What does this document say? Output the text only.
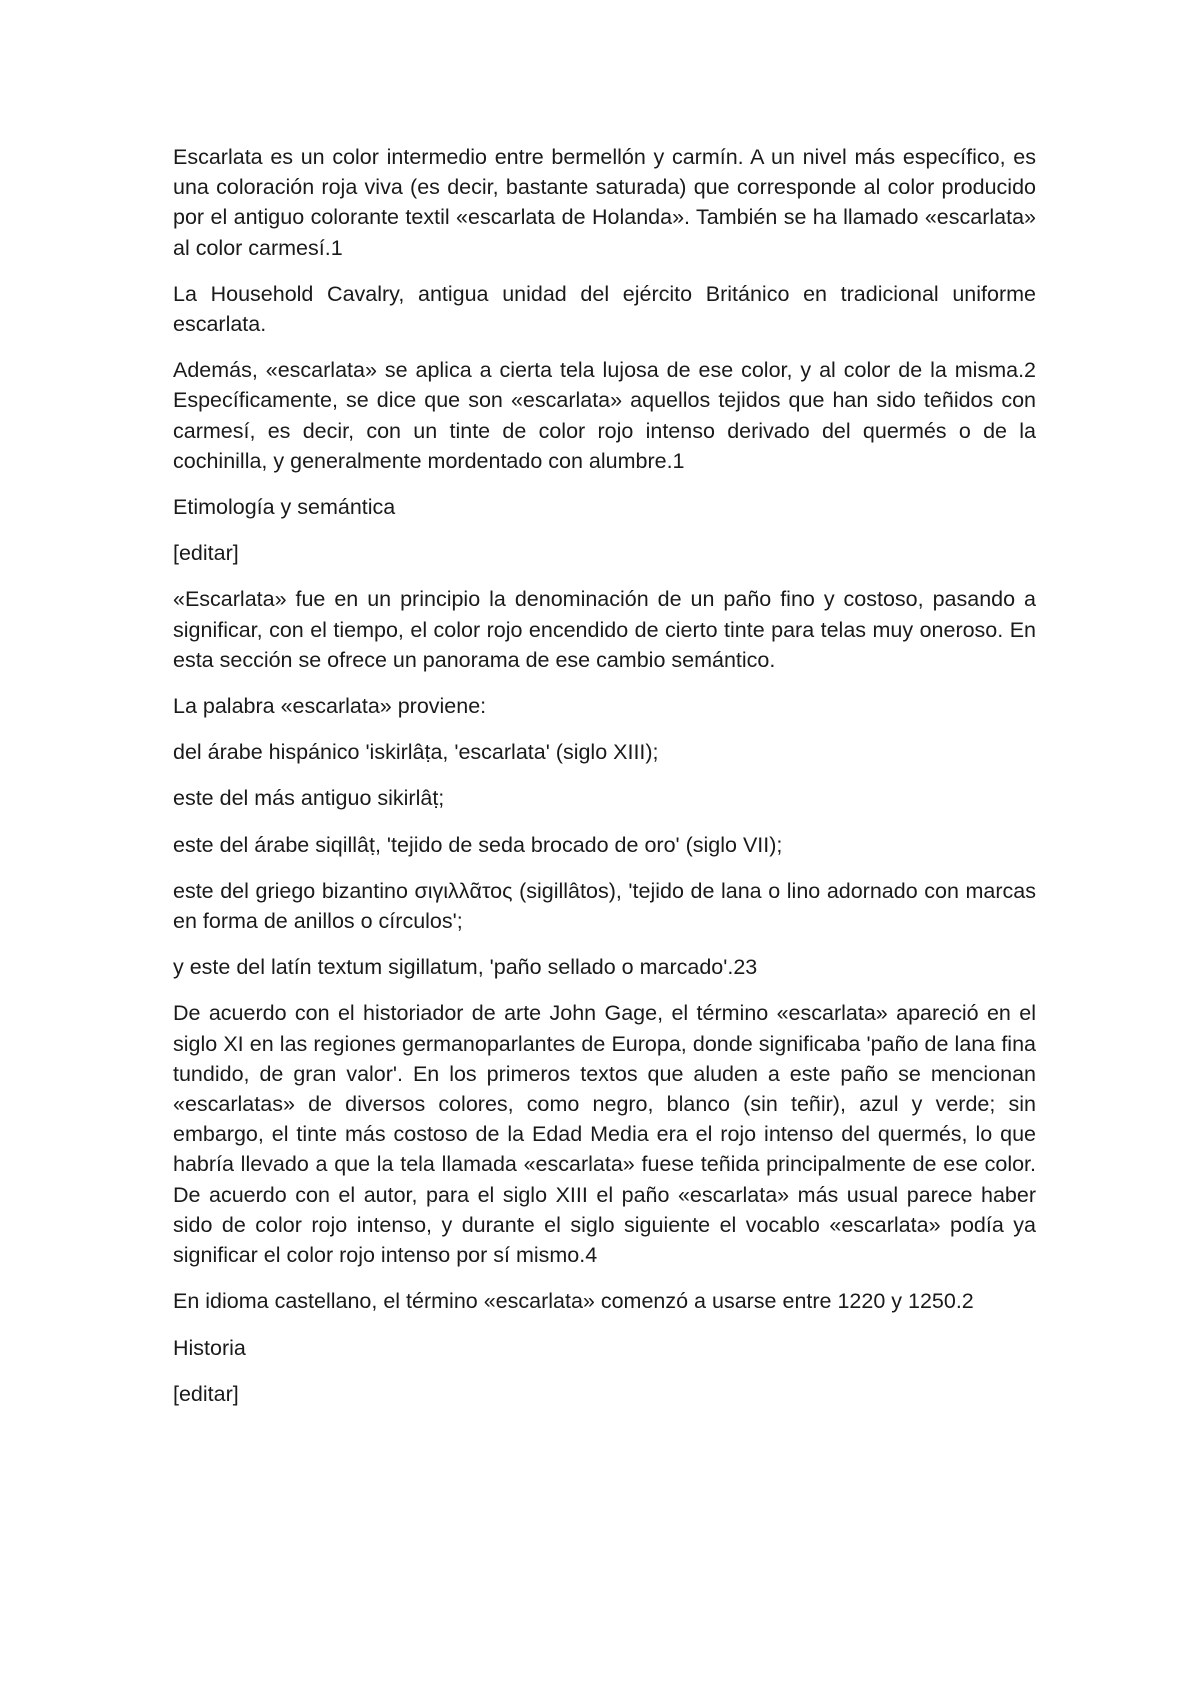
Escarlata es un color intermedio entre bermellón y carmín. A un nivel más específico, es una coloración roja viva (es decir, bastante saturada) que corresponde al color producido por el antiguo colorante textil «escarlata de Holanda». También se ha llamado «escarlata» al color carmesí.1

La Household Cavalry, antigua unidad del ejército Británico en tradicional uniforme escarlata.

Además, «escarlata» se aplica a cierta tela lujosa de ese color, y al color de la misma.2 Específicamente, se dice que son «escarlata» aquellos tejidos que han sido teñidos con carmesí, es decir, con un tinte de color rojo intenso derivado del quermés o de la cochinilla, y generalmente mordentado con alumbre.1

Etimología y semántica

[editar]

«Escarlata» fue en un principio la denominación de un paño fino y costoso, pasando a significar, con el tiempo, el color rojo encendido de cierto tinte para telas muy oneroso. En esta sección se ofrece un panorama de ese cambio semántico.

La palabra «escarlata» proviene:

del árabe hispánico 'iskirlâṭa, 'escarlata' (siglo XIII);

este del más antiguo sikirlâṭ;

este del árabe siqillâṭ, 'tejido de seda brocado de oro' (siglo VII);

este del griego bizantino σιγιλλᾶτος (sigillâtos), 'tejido de lana o lino adornado con marcas en forma de anillos o círculos';

y este del latín textum sigillatum, 'paño sellado o marcado'.23

De acuerdo con el historiador de arte John Gage, el término «escarlata» apareció en el siglo XI en las regiones germanoparlantes de Europa, donde significaba 'paño de lana fina tundido, de gran valor'. En los primeros textos que aluden a este paño se mencionan «escarlatas» de diversos colores, como negro, blanco (sin teñir), azul y verde; sin embargo, el tinte más costoso de la Edad Media era el rojo intenso del quermés, lo que habría llevado a que la tela llamada «escarlata» fuese teñida principalmente de ese color. De acuerdo con el autor, para el siglo XIII el paño «escarlata» más usual parece haber sido de color rojo intenso, y durante el siglo siguiente el vocablo «escarlata» podía ya significar el color rojo intenso por sí mismo.4

En idioma castellano, el término «escarlata» comenzó a usarse entre 1220 y 1250.2

Historia

[editar]
